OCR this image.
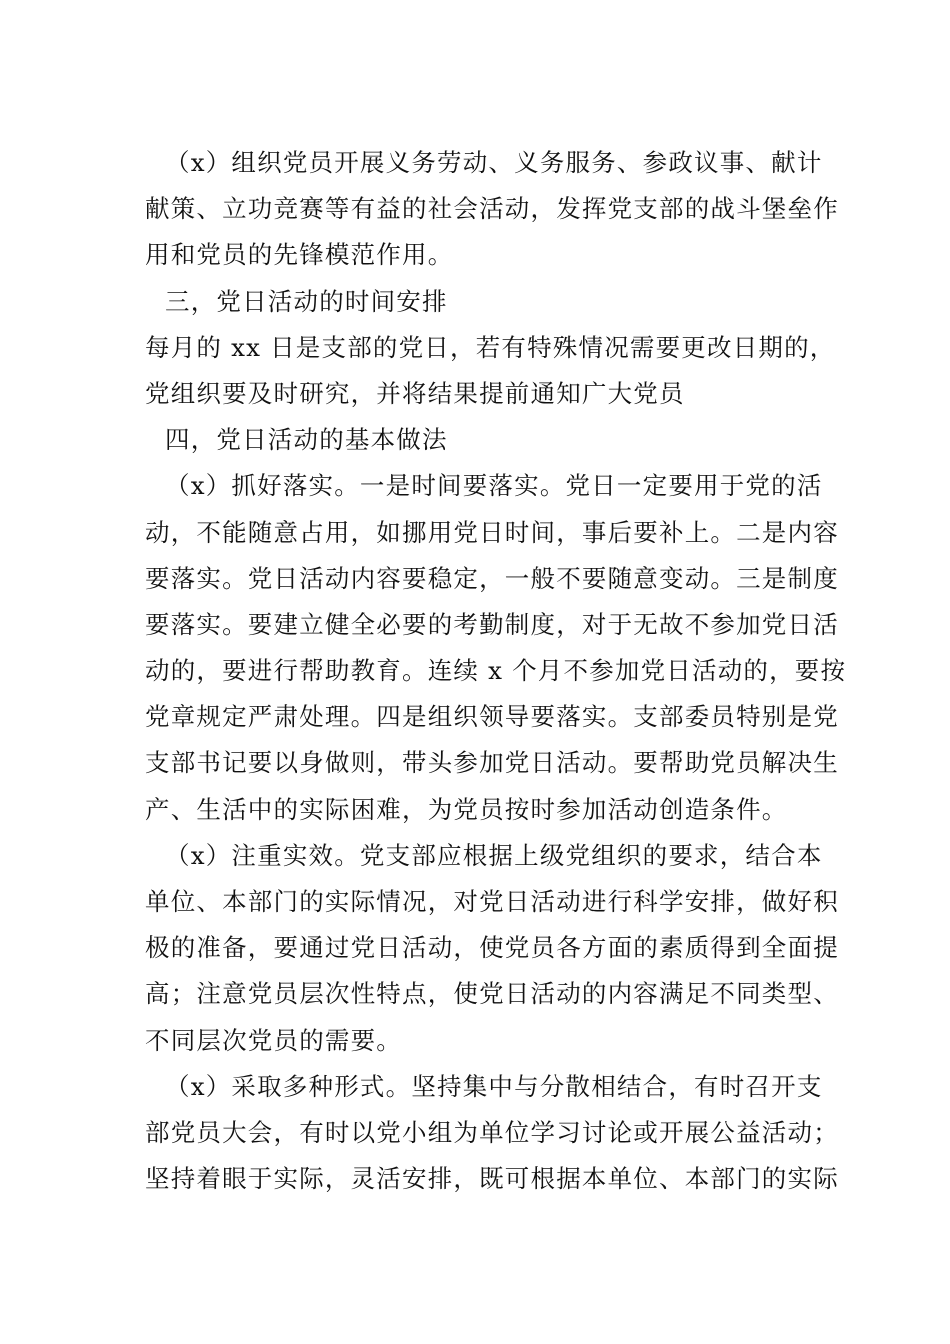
（x）组织党员开展义务劳动、义务服务、参政议事、献计
献策、立功竞赛等有益的社会活动，发挥党支部的战斗堡垒作
用和党员的先锋模范作用。
三，党日活动的时间安排
每月的 xx 日是支部的党日，若有特殊情况需要更改日期的，
党组织要及时研究，并将结果提前通知广大党员
四，党日活动的基本做法
（x）抓好落实。一是时间要落实。党日一定要用于党的活
动，不能随意占用，如挪用党日时间，事后要补上。二是内容
要落实。党日活动内容要稳定，一般不要随意变动。三是制度
要落实。要建立健全必要的考勤制度，对于无故不参加党日活
动的，要进行帮助教育。连续 x 个月不参加党日活动的，要按
党章规定严肃处理。四是组织领导要落实。支部委员特别是党
支部书记要以身做则，带头参加党日活动。要帮助党员解决生
产、生活中的实际困难，为党员按时参加活动创造条件。
（x）注重实效。党支部应根据上级党组织的要求，结合本
单位、本部门的实际情况，对党日活动进行科学安排，做好积
极的准备，要通过党日活动，使党员各方面的素质得到全面提
高；注意党员层次性特点，使党日活动的内容满足不同类型、
不同层次党员的需要。
（x）采取多种形式。坚持集中与分散相结合，有时召开支
部党员大会，有时以党小组为单位学习讨论或开展公益活动；
坚持着眼于实际，灵活安排，既可根据本单位、本部门的实际
